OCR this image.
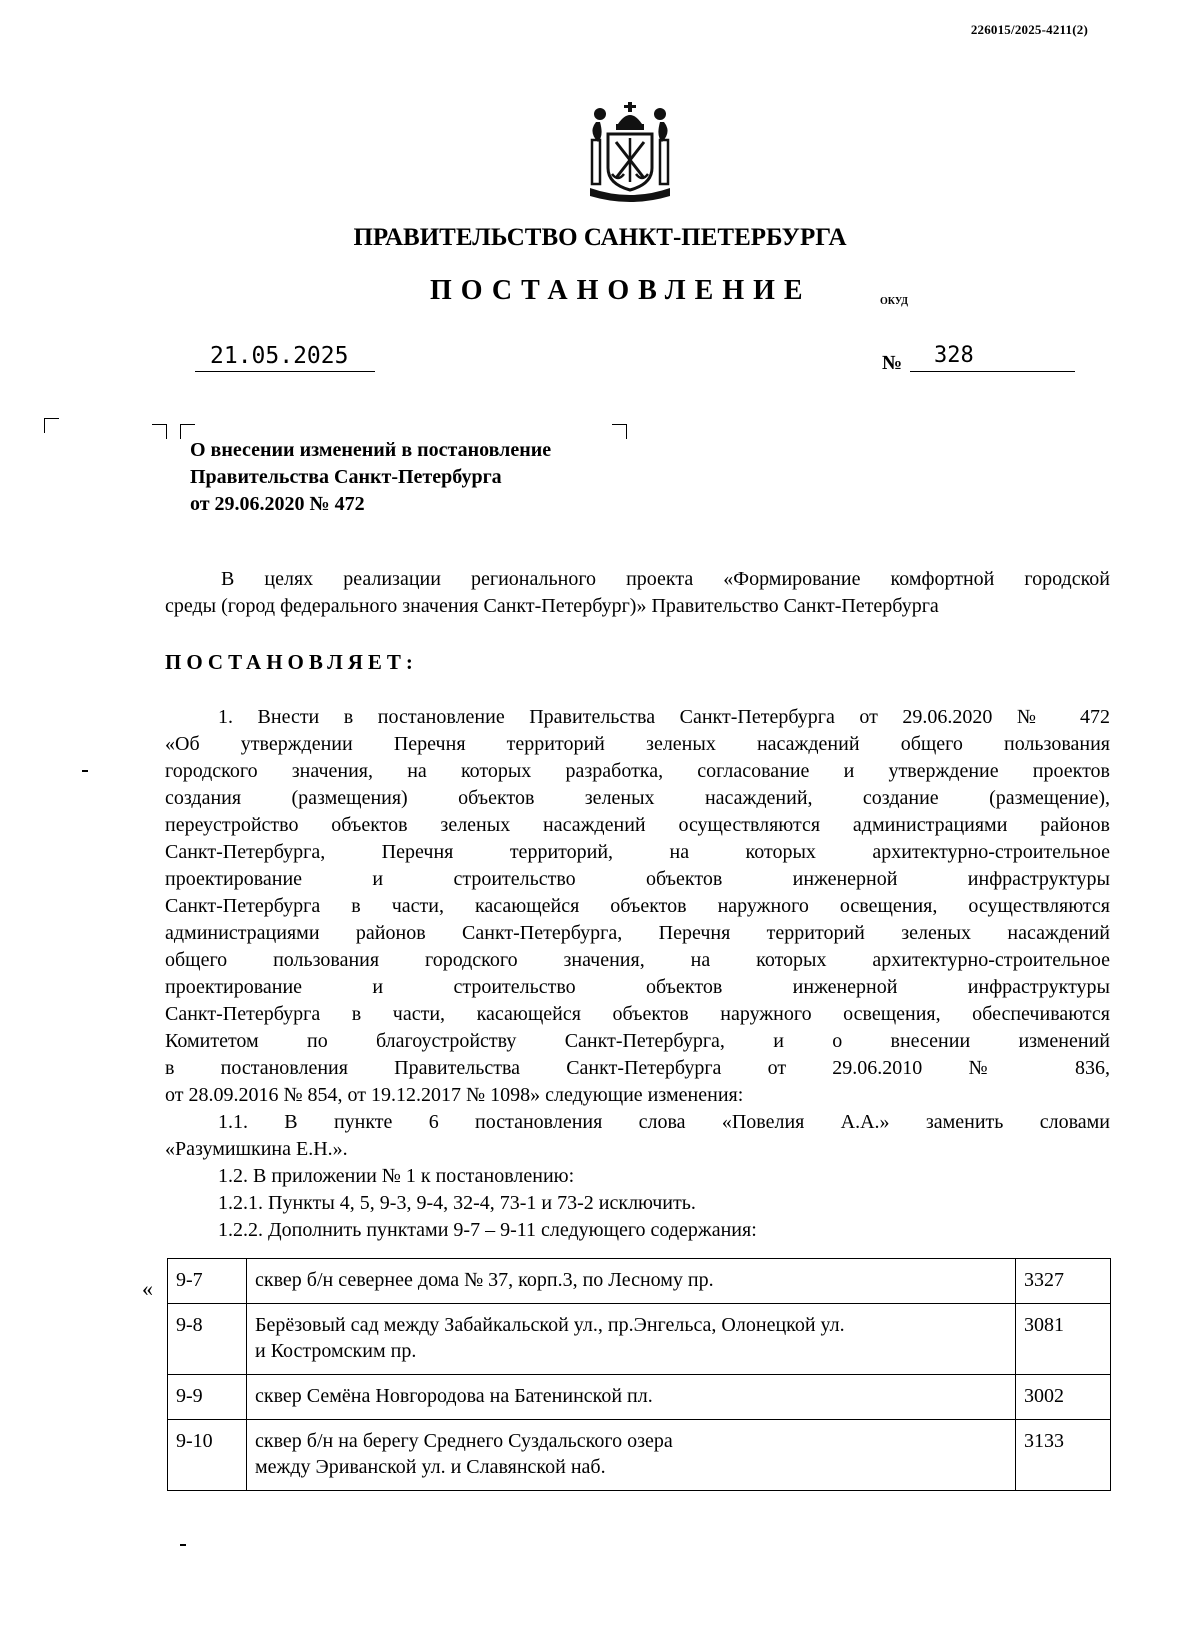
226015/2025-4211(2)
ПРАВИТЕЛЬСТВО САНКТ-ПЕТЕРБУРГА
ПОСТАНОВЛЕНИЕ	ОКУД
21.05.2025	№ 328
О внесении изменений в постановление
Правительства Санкт-Петербурга
от 29.06.2020 № 472
В целях реализации регионального проекта «Формирование комфортной городской
среды (город федерального значения Санкт-Петербург)» Правительство Санкт-Петербурга
ПОСТАНОВЛЯЕТ:
1. Внести в постановление Правительства Санкт-Петербурга от 29.06.2020 № 472
«Об утверждении Перечня территорий зеленых насаждений общего пользования
городского значения, на которых разработка, согласование и утверждение проектов
создания (размещения) объектов зеленых насаждений, создание (размещение),
переустройство объектов зеленых насаждений осуществляются администрациями районов
Санкт-Петербурга, Перечня территорий, на которых архитектурно-строительное
проектирование и строительство объектов инженерной инфраструктуры
Санкт-Петербурга в части, касающейся объектов наружного освещения, осуществляются
администрациями районов Санкт-Петербурга, Перечня территорий зеленых насаждений
общего пользования городского значения, на которых архитектурно-строительное
проектирование и строительство объектов инженерной инфраструктуры
Санкт-Петербурга в части, касающейся объектов наружного освещения, обеспечиваются
Комитетом по благоустройству Санкт-Петербурга, и о внесении изменений
в постановления Правительства Санкт-Петербурга от 29.06.2010 № 836,
от 28.09.2016 № 854, от 19.12.2017 № 1098» следующие изменения:
1.1. В пункте 6 постановления слова «Повелия А.А.» заменить словами
«Разумишкина Е.Н.».
1.2. В приложении № 1 к постановлению:
1.2.1. Пункты 4, 5, 9-3, 9-4, 32-4, 73-1 и 73-2 исключить.
1.2.2. Дополнить пунктами 9-7 – 9-11 следующего содержания:
« 9-7	сквер б/н севернее дома № 37, корп.3, по Лесному пр.	3327
9-8	Берёзовый сад между Забайкальской ул., пр.Энгельса, Олонецкой ул.
и Костромским пр.	3081
9-9	сквер Семёна Новгородова на Батенинской пл.	3002
9-10	сквер б/н на берегу Среднего Суздальского озера
между Эриванской ул. и Славянской наб.	3133
